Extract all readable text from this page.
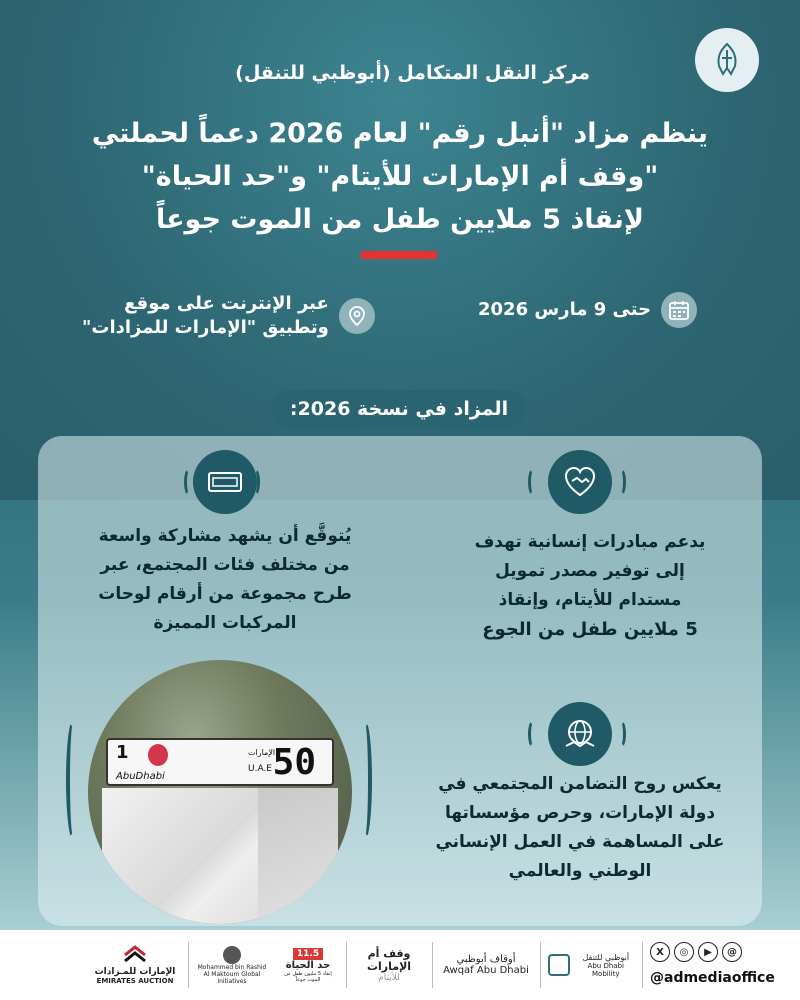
مركز النقل المتكامل (أبوظبي للتنقل)
ينظم مزاد "أنبل رقم" لعام 2026 دعماً لحملتي
"وقف أم الإمارات للأيتام" و"حد الحياة"
لإنقاذ 5 ملايين طفل من الموت جوعاً
حتى 9 مارس 2026
عبر الإنترنت على موقع
وتطبيق "الإمارات للمزادات"
المزاد في نسخة 2026:
يدعم مبادرات إنسانية تهدف
إلى توفير مصدر تمويل
مستدام للأيتام، وإنقاذ
5 ملايين طفل من الجوع
يُتوقَّع أن يشهد مشاركة واسعة
من مختلف فئات المجتمع، عبر
طرح مجموعة من أرقام لوحات
المركبات المميزة
يعكس روح التضامن المجتمعي في
دولة الإمارات، وحرص مؤسساتها
على المساهمة في العمل الإنساني
الوطني والعالمي
1
AbuDhabi
الإمارات
U.A.E 50
الإمارات للمـزادات
EMIRATES AUCTION
Mohammed bin Rashid
Al Maktoum Global Initiatives
11.5
حد الحياة
إنقاذ 5 مليون طفل من الموت جوعاً
وقف أم الإمارات
للأيتام
أوقاف أبوظبي
Awqaf Abu Dhabi
أبوظبي للتنقل
Abu Dhabi Mobility
X	◎	▶	@
@admediaoffice
